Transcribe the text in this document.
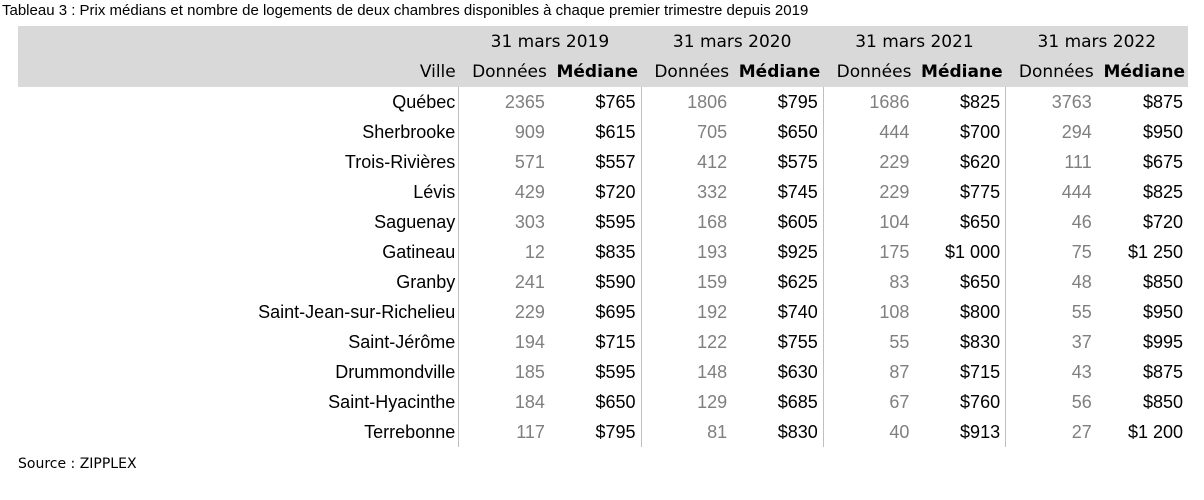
Tableau 3 : Prix médians et nombre de logements de deux chambres disponibles à chaque premier trimestre depuis 2019
	31 mars 2019		31 mars 2020		31 mars 2021		31 mars 2022	
Ville	Données	Médiane	Données	Médiane	Données	Médiane	Données	Médiane
Québec	2365	$765	1806	$795	1686	$825	3763	$875
Sherbrooke	909	$615	705	$650	444	$700	294	$950
Trois-Rivières	571	$557	412	$575	229	$620	111	$675
Lévis	429	$720	332	$745	229	$775	444	$825
Saguenay	303	$595	168	$605	104	$650	46	$720
Gatineau	12	$835	193	$925	175	$1 000	75	$1 250
Granby	241	$590	159	$625	83	$650	48	$850
Saint-Jean-sur-Richelieu	229	$695	192	$740	108	$800	55	$950
Saint-Jérôme	194	$715	122	$755	55	$830	37	$995
Drummondville	185	$595	148	$630	87	$715	43	$875
Saint-Hyacinthe	184	$650	129	$685	67	$760	56	$850
Terrebonne	117	$795	81	$830	40	$913	27	$1 200
Source : ZIPPLEX
